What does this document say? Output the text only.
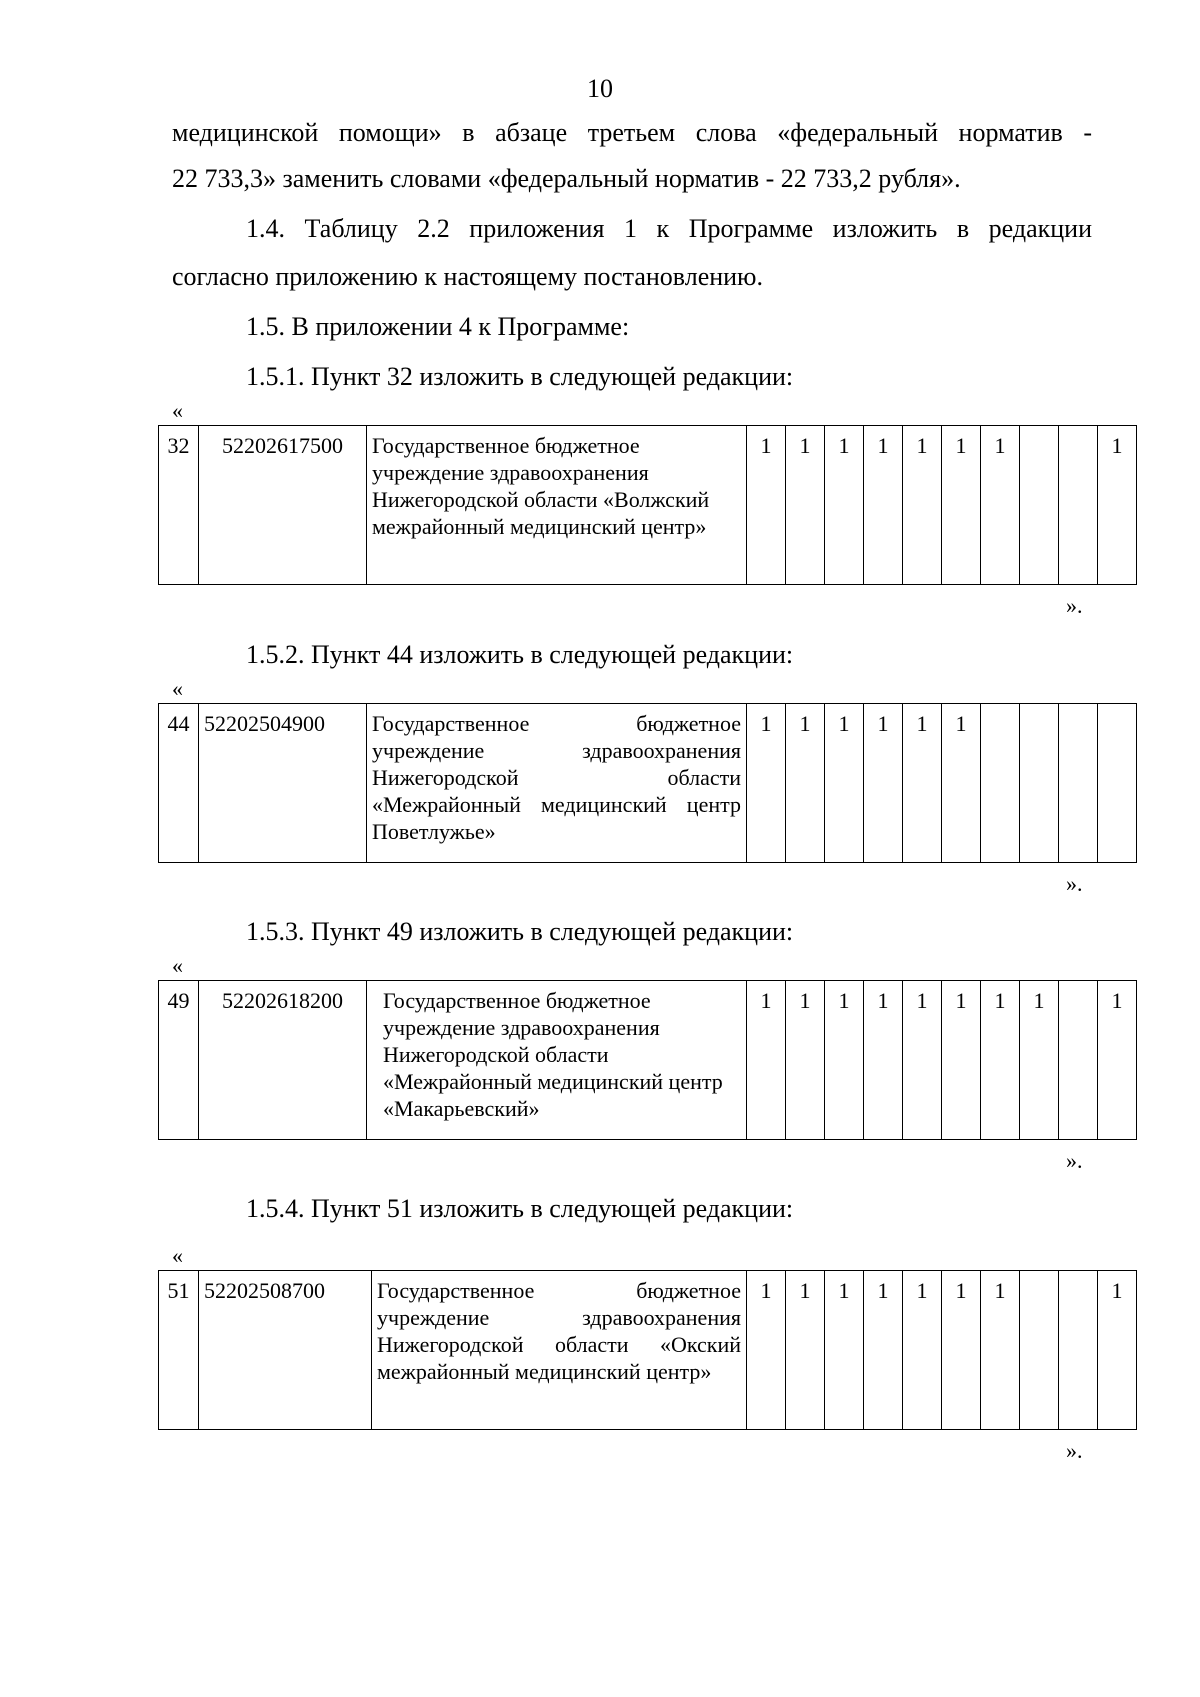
10
медицинской помощи» в абзаце третьем слова «федеральный норматив -
22 733,3» заменить словами «федеральный норматив - 22 733,2 рубля».
1.4. Таблицу 2.2 приложения 1 к Программе изложить в редакции
согласно приложению к настоящему постановлению.
1.5. В приложении 4 к Программе:
1.5.1. Пункт 32 изложить в следующей редакции:
«
32	52202617500	Государственное бюджетное учреждение здравоохранения Нижегородской области «Волжский межрайонный медицинский центр»	1	1	1	1	1	1	1			1
».
1.5.2. Пункт 44 изложить в следующей редакции:
«
44	52202504900	Государственное бюджетное учреждение здравоохранения Нижегородской области «Межрайонный медицинский центр Поветлужье»	1	1	1	1	1	1				
».
1.5.3. Пункт 49 изложить в следующей редакции:
«
49	52202618200	Государственное бюджетное учреждение здравоохранения Нижегородской области «Межрайонный медицинский центр «Макарьевский»	1	1	1	1	1	1	1	1		1
».
1.5.4. Пункт 51 изложить в следующей редакции:
«
51	52202508700	Государственное бюджетное учреждение здравоохранения Нижегородской области «Окский межрайонный медицинский центр»	1	1	1	1	1	1	1			1
».
